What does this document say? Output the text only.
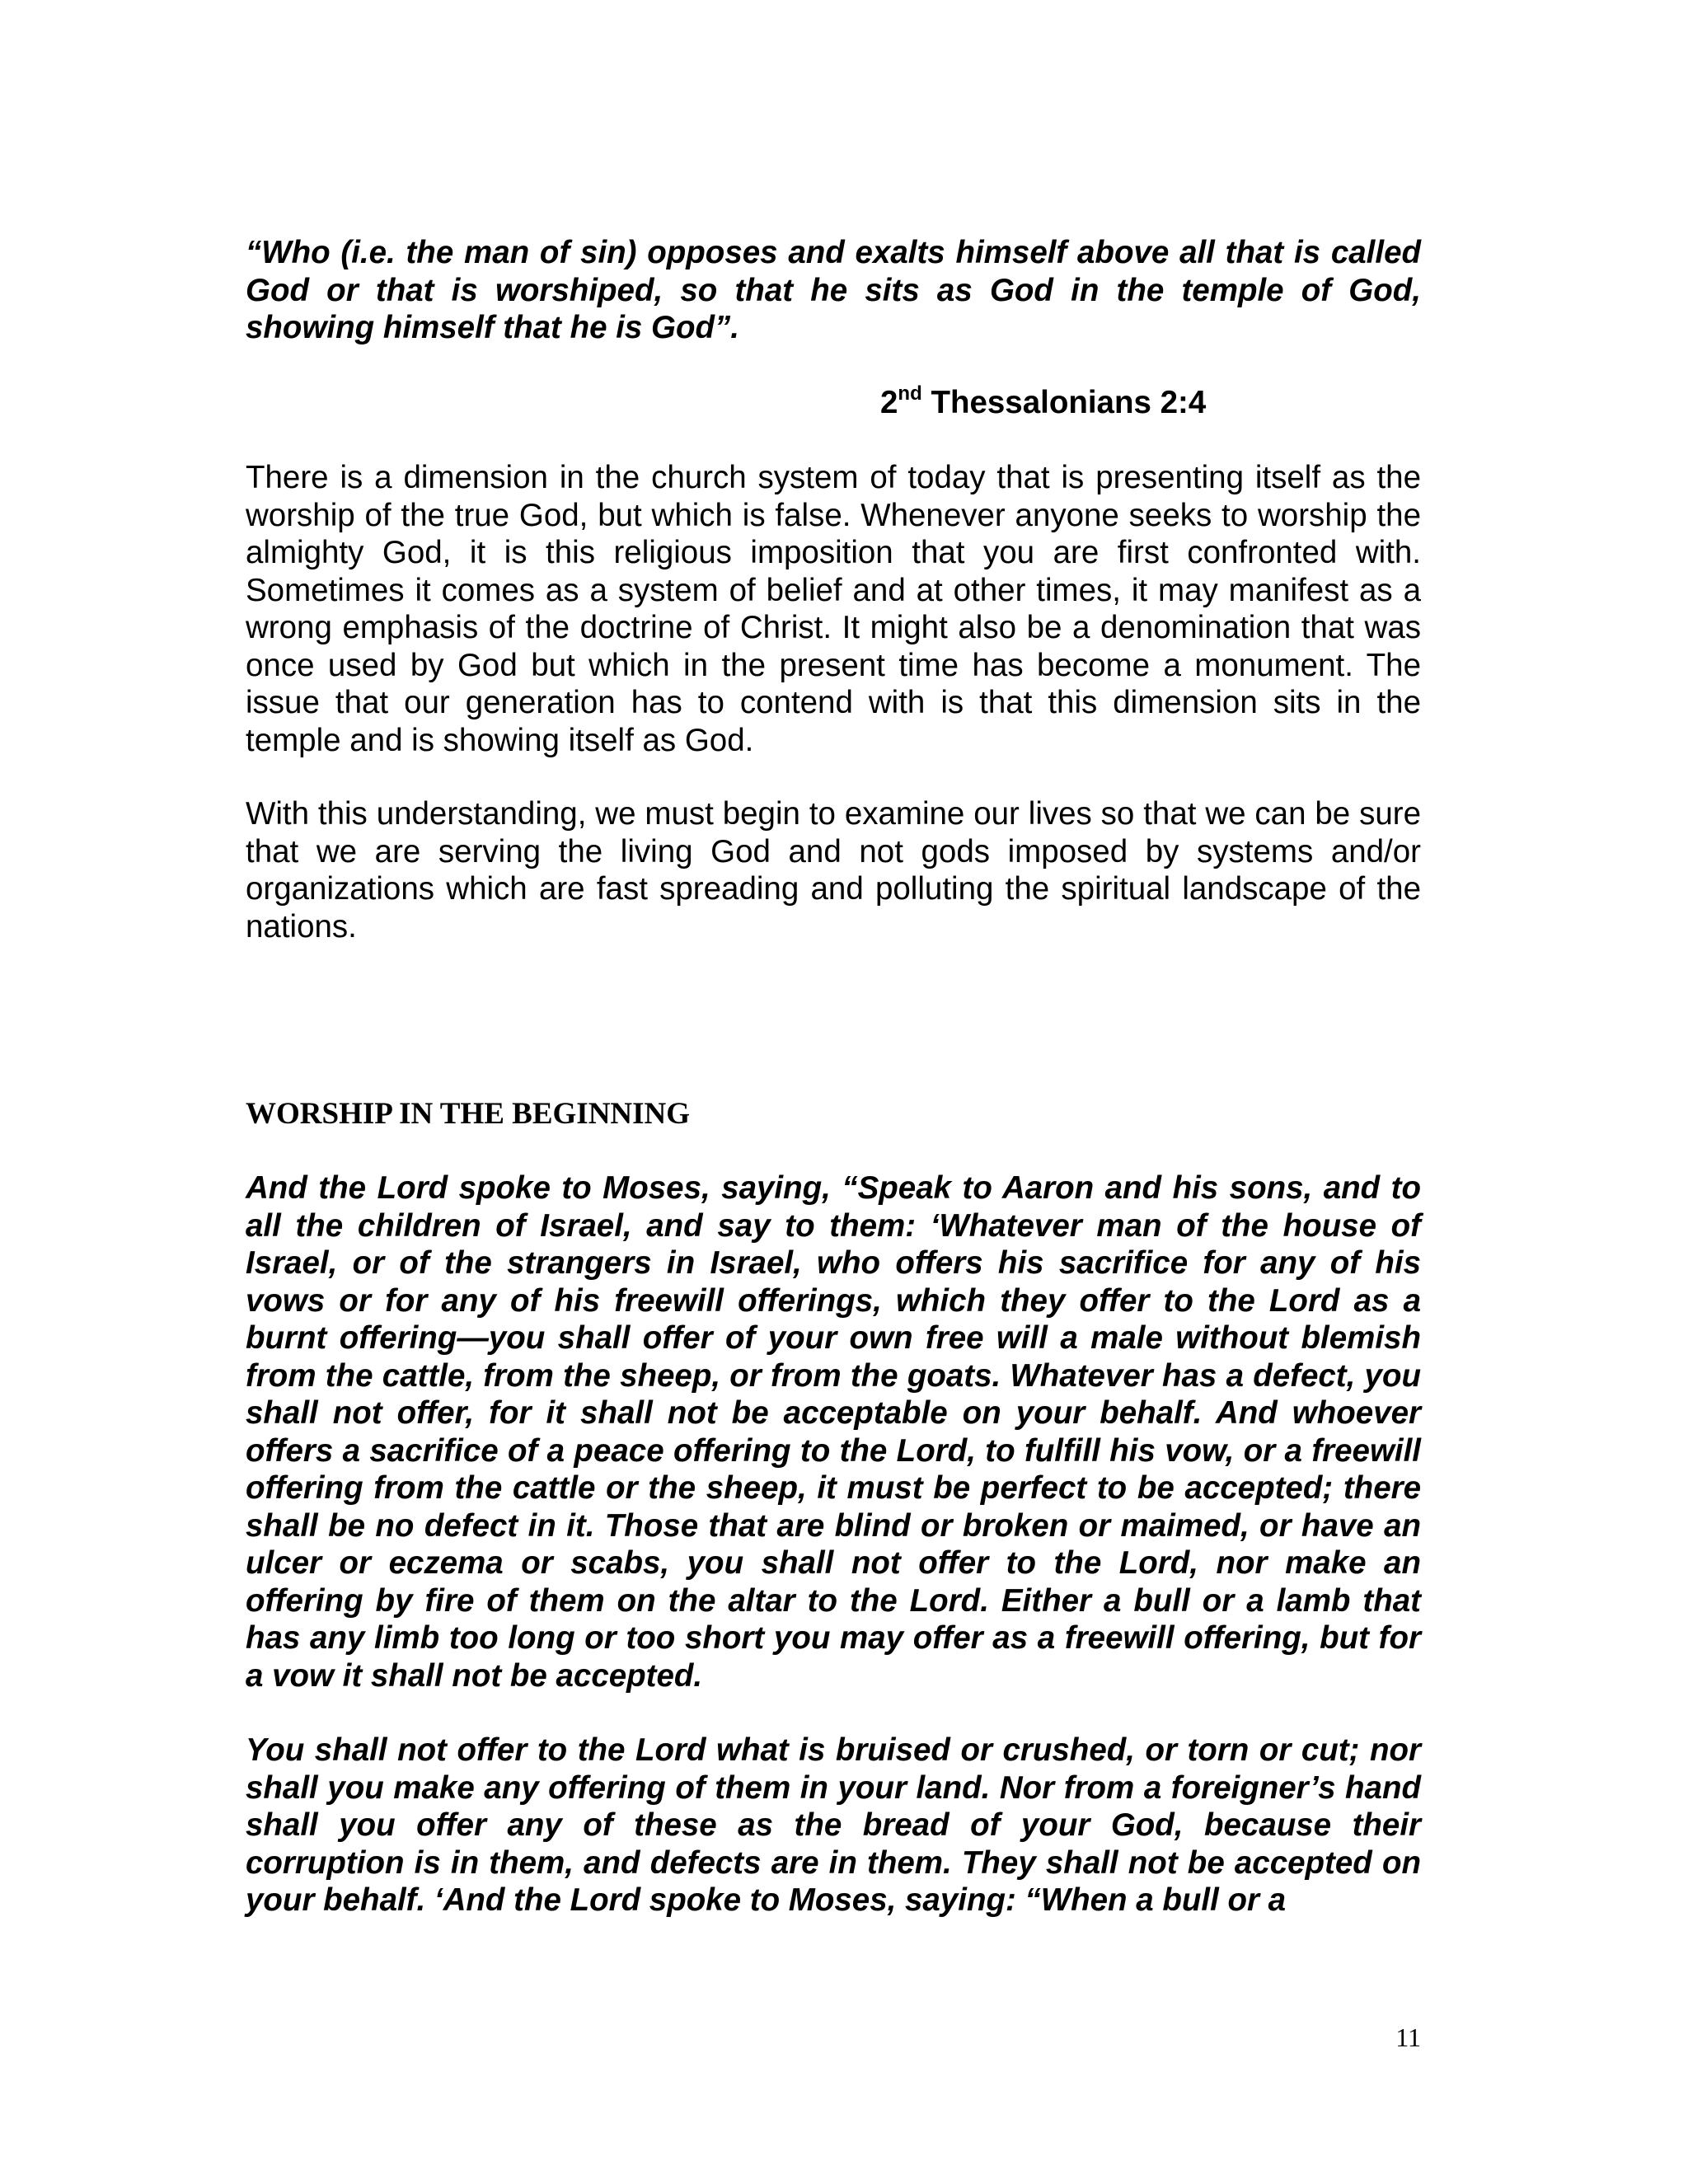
“Who (i.e. the man of sin) opposes and exalts himself above all that is called God or that is worshiped, so that he sits as God in the temple of God, showing himself that he is God”.

2nd Thessalonians 2:4

There is a dimension in the church system of today that is presenting itself as the worship of the true God, but which is false. Whenever anyone seeks to worship the almighty God, it is this religious imposition that you are first confronted with. Sometimes it comes as a system of belief and at other times, it may manifest as a wrong emphasis of the doctrine of Christ. It might also be a denomination that was once used by God but which in the present time has become a monument. The issue that our generation has to contend with is that this dimension sits in the temple and is showing itself as God.

With this understanding, we must begin to examine our lives so that we can be sure that we are serving the living God and not gods imposed by systems and/or organizations which are fast spreading and polluting the spiritual landscape of the nations.

WORSHIP IN THE BEGINNING

And the Lord spoke to Moses, saying, “Speak to Aaron and his sons, and to all the children of Israel, and say to them: ‘Whatever man of the house of Israel, or of the strangers in Israel, who offers his sacrifice for any of his vows or for any of his freewill offerings, which they offer to the Lord as a burnt offering—you shall offer of your own free will a male without blemish from the cattle, from the sheep, or from the goats. Whatever has a defect, you shall not offer, for it shall not be acceptable on your behalf. And whoever offers a sacrifice of a peace offering to the Lord, to fulfill his vow, or a freewill offering from the cattle or the sheep, it must be perfect to be accepted; there shall be no defect in it. Those that are blind or broken or maimed, or have an ulcer or eczema or scabs, you shall not offer to the Lord, nor make an offering by fire of them on the altar to the Lord. Either a bull or a lamb that has any limb too long or too short you may offer as a freewill offering, but for a vow it shall not be accepted.

You shall not offer to the Lord what is bruised or crushed, or torn or cut; nor shall you make any offering of them in your land. Nor from a foreigner’s hand shall you offer any of these as the bread of your God, because their corruption is in them, and defects are in them. They shall not be accepted on your behalf. ‘And the Lord spoke to Moses, saying: “When a bull or a

11
